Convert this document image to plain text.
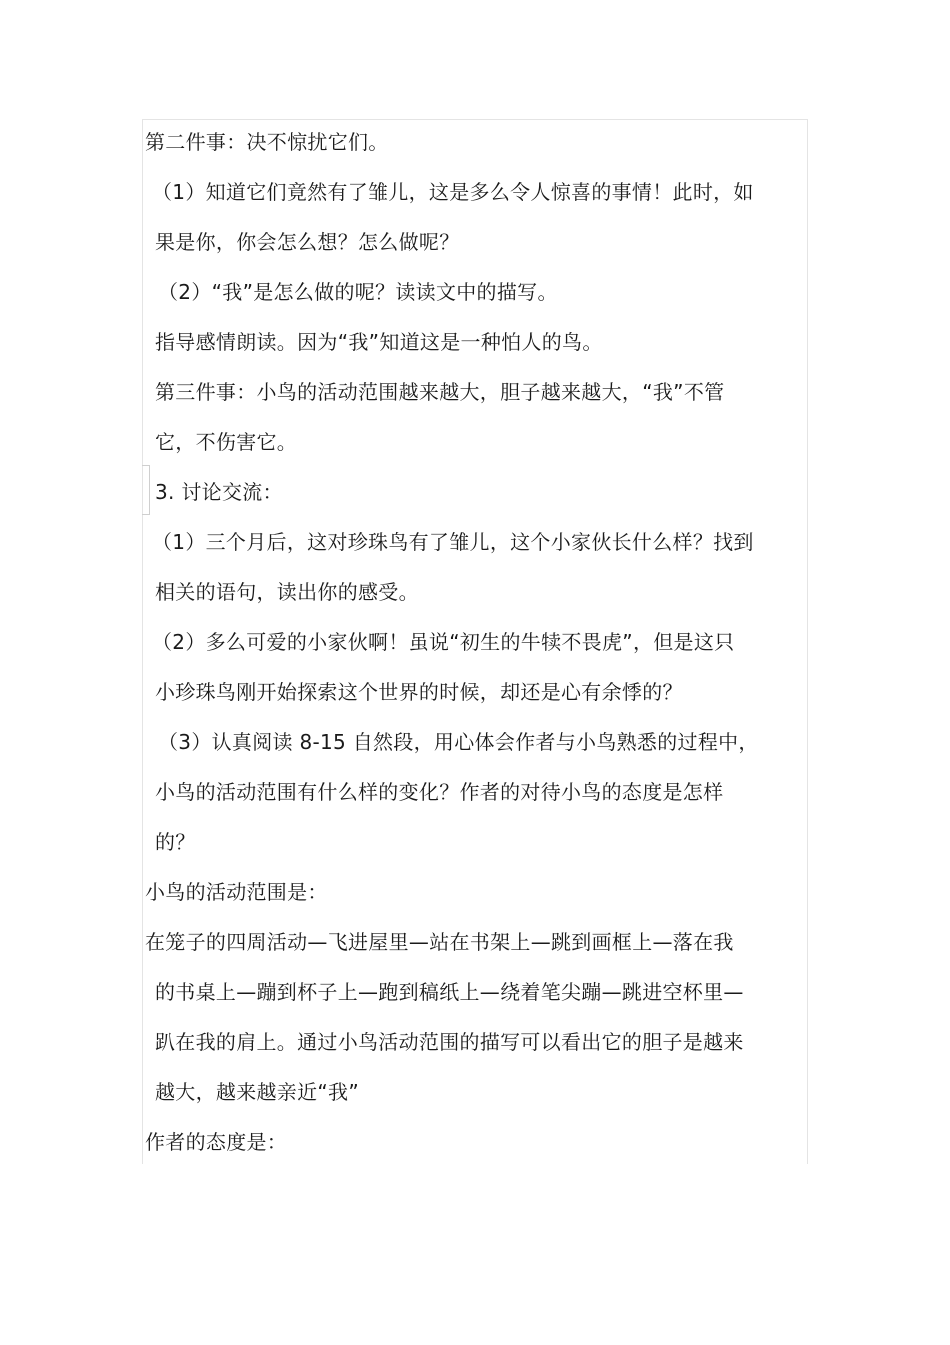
第二件事：决不惊扰它们。
（1）知道它们竟然有了雏儿，这是多么令人惊喜的事情！此时，如
果是你，你会怎么想？怎么做呢？
（2）“我”是怎么做的呢？读读文中的描写。
指导感情朗读。因为“我”知道这是一种怕人的鸟。
第三件事：小鸟的活动范围越来越大，胆子越来越大，“我”不管
它，不伤害它。
3. 讨论交流：
（1）三个月后，这对珍珠鸟有了雏儿，这个小家伙长什么样？找到
相关的语句，读出你的感受。
（2）多么可爱的小家伙啊！虽说“初生的牛犊不畏虎”，但是这只
小珍珠鸟刚开始探索这个世界的时候，却还是心有余悸的？
（3）认真阅读 8-15 自然段，用心体会作者与小鸟熟悉的过程中，
小鸟的活动范围有什么样的变化？作者的对待小鸟的态度是怎样
的？
小鸟的活动范围是：
在笼子的四周活动—飞进屋里—站在书架上—跳到画框上—落在我
的书桌上—蹦到杯子上—跑到稿纸上—绕着笔尖蹦—跳进空杯里—
趴在我的肩上。通过小鸟活动范围的描写可以看出它的胆子是越来
越大，越来越亲近“我”
作者的态度是：
